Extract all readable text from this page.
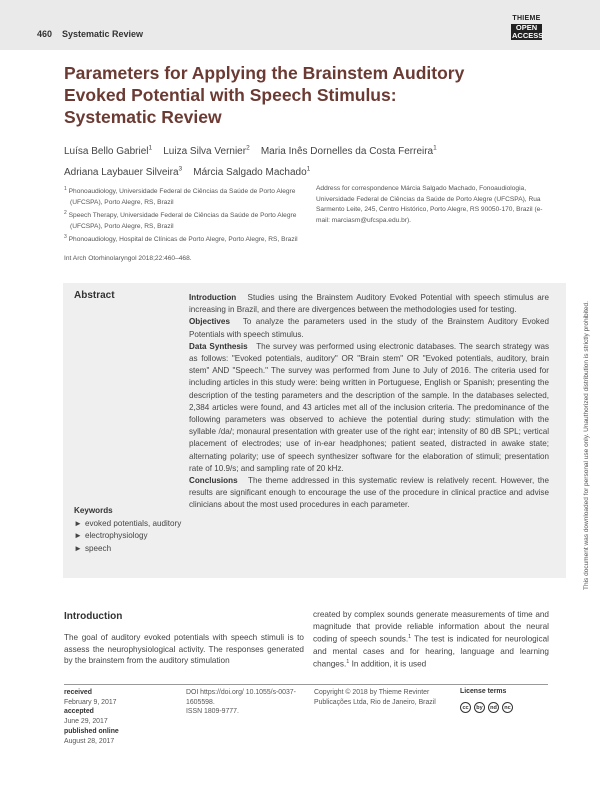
460 Systematic Review
THIEME
OPEN
ACCESS
Parameters for Applying the Brainstem Auditory Evoked Potential with Speech Stimulus: Systematic Review
Luísa Bello Gabriel$^1$ Luiza Silva Vernier$^2$ Maria Inês Dornelles da Costa Ferreira$^1$
Adriana Laybauer Silveira$^3$ Márcia Salgado Machado$^1$
$^1$ Phonoaudiology, Universidade Federal de Ciências da Saúde de Porto Alegre (UFCSPA), Porto Alegre, RS, Brazil
$^2$ Speech Therapy, Universidade Federal de Ciências da Saúde de Porto Alegre (UFCSPA), Porto Alegre, RS, Brazil
$^3$ Phonoaudiology, Hospital de Clínicas de Porto Alegre, Porto Alegre, RS, Brazil
Address for correspondence Márcia Salgado Machado, Fonoaudiologia, Universidade Federal de Ciências da Saúde de Porto Alegre (UFCSPA), Rua Sarmento Leite, 245, Centro Histórico, Porto Alegre, RS 90050-170, Brazil (e-mail: marciasm@ufcspa.edu.br).
Int Arch Otorhinolaryngol 2018;22:460–468.
Abstract	Introduction Studies using the Brainstem Auditory Evoked Potential with speech stimulus are increasing in Brazil, and there are divergences between the methodologies used for testing.

Objectives To analyze the parameters used in the study of the Brainstem Auditory Evoked Potentials with speech stimulus.

Data Synthesis The survey was performed using electronic databases. The search strategy was as follows: "Evoked potentials, auditory" OR "Brain stem" OR "Evoked potentials, auditory, brain stem" AND "Speech." The survey was performed from June to July of 2016. The criteria used for including articles in this study were: being written in Portuguese, English or Spanish; presenting the description of the testing parameters and the description of the sample. In the databases selected, 2,384 articles were found, and 43 articles met all of the inclusion criteria. The predominance of the following parameters was observed to achieve the potential during study: stimulation with the syllable /da/; monaural presentation with greater use of the right ear; intensity of 80 dB SPL; vertical placement of electrodes; use of in-ear headphones; patient seated, distracted in awake state; alternating polarity; use of speech synthesizer software for the elaboration of stimuli; presentation rate of 10.9/s; and sampling rate of 20 kHz.

Conclusions The theme addressed in this systematic review is relatively recent. However, the results are significant enough to encourage the use of the procedure in clinical practice and advise clinicians about the most used procedures in each parameter.

Keywords
► evoked potentials, auditory
► electrophysiology
► speech	This document was downloaded for personal use only. Unauthorized distribution is strictly prohibited.
Introduction
The goal of auditory evoked potentials with speech stimuli is to assess the neurophysiological activity. The responses generated by the brainstem from the auditory stimulation
created by complex sounds generate measurements of time and magnitude that provide reliable information about the neural coding of speech sounds.$^1$ The test is indicated for neurological and mental cases and for hearing, language and learning changes.$^1$ In addition, it is used
received
February 9, 2017
accepted
June 29, 2017
published online
August 28, 2017
DOI https://doi.org/ 10.1055/s-0037-1605598.
ISSN 1809-9777.
Copyright © 2018 by Thieme Revinter Publicações Ltda, Rio de Janeiro, Brazil
License terms
cc	by	nd	nc
